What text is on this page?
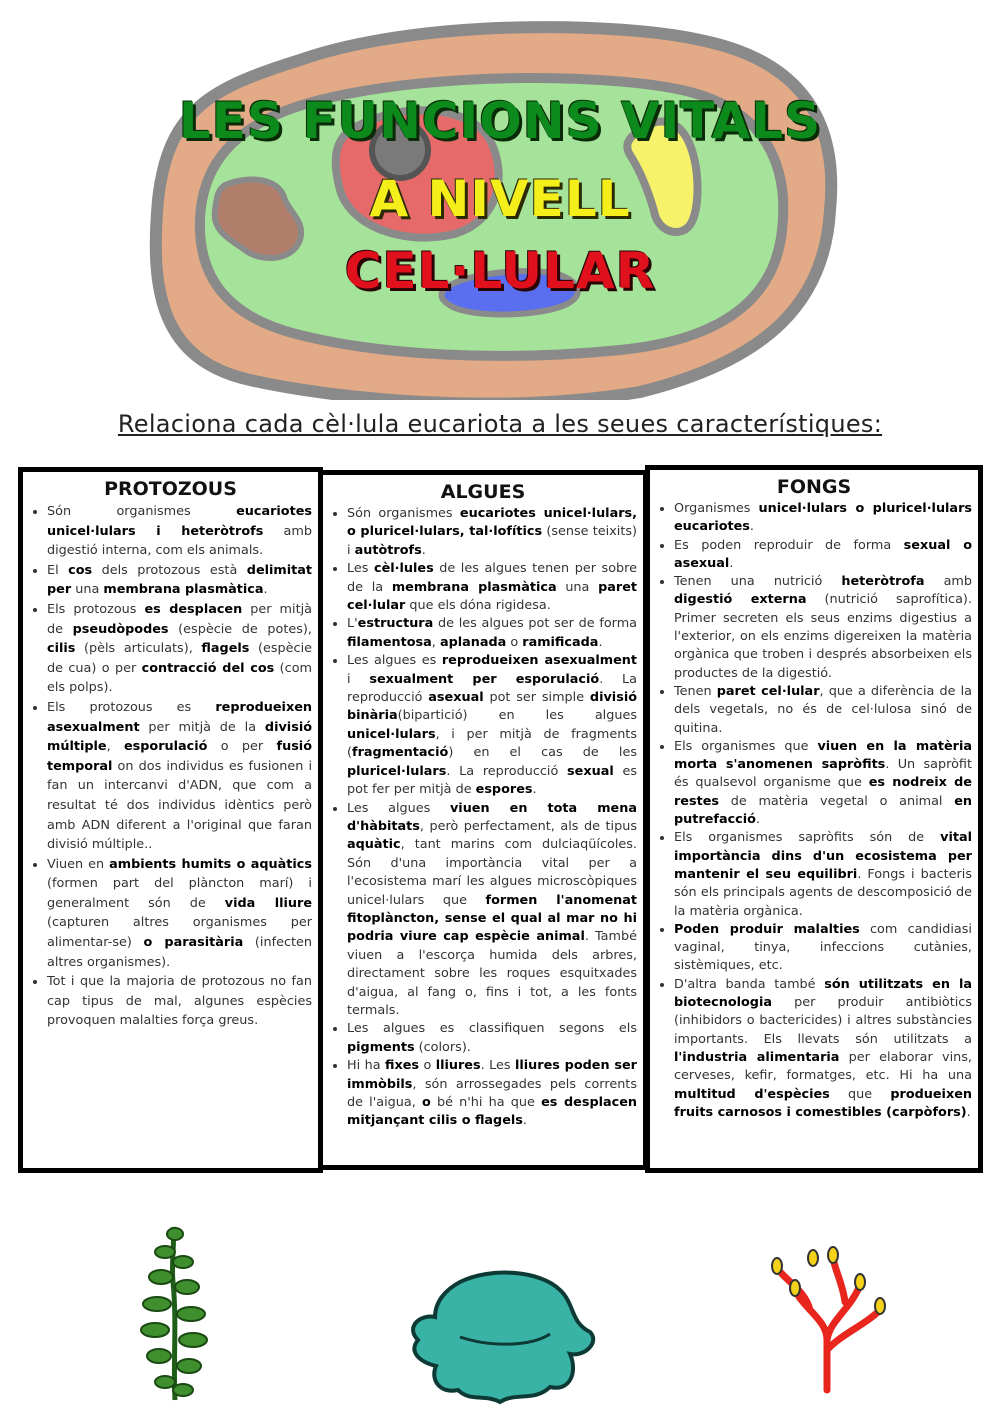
LES FUNCIONS VITALS
A NIVELL
CEL·LULAR
Relaciona cada cèl·lula eucariota a les seues característiques:
PROTOZOUS
• Són organismes eucariotes unicel·lulars i heteròtrofs amb digestió interna, com els animals.
• El cos dels protozous està delimitat per una membrana plasmàtica.
• Els protozous es desplacen per mitjà de pseudòpodes (espècie de potes), cilis (pèls articulats), flagels (espècie de cua) o per contracció del cos (com els polps).
• Els protozous es reprodueixen asexualment per mitjà de la divisió múltiple, esporulació o per fusió temporal on dos individus es fusionen i fan un intercanvi d'ADN, que com a resultat té dos individus idèntics però amb ADN diferent a l'original que faran divisió múltiple..
• Viuen en ambients humits o aquàtics (formen part del plàncton marí) i generalment són de vida lliure (capturen altres organismes per alimentar-se) o parasitària (infecten altres organismes).
• Tot i que la majoria de protozous no fan cap tipus de mal, algunes espècies provoquen malalties força greus.
ALGUES
• Són organismes eucariotes unicel·lulars, o pluricel·lulars, tal·lofítics (sense teixits) i autòtrofs.
• Les cèl·lules de les algues tenen per sobre de la membrana plasmàtica una paret cel·lular que els dóna rigidesa.
• L'estructura de les algues pot ser de forma filamentosa, aplanada o ramificada.
• Les algues es reprodueixen asexualment i sexualment per esporulació. La reproducció asexual pot ser simple divisió binària(bipartició) en les algues unicel·lulars, i per mitjà de fragments (fragmentació) en el cas de les pluricel·lulars. La reproducció sexual es pot fer per mitjà de espores.
• Les algues viuen en tota mena d'hàbitats, però perfectament, als de tipus aquàtic, tant marins com dulciaqüícoles. Són d'una importància vital per a l'ecosistema marí les algues microscòpiques unicel·lulars que formen l'anomenat fitoplàncton, sense el qual al mar no hi podria viure cap espècie animal. També viuen a l'escorça humida dels arbres, directament sobre les roques esquitxades d'aigua, al fang o, fins i tot, a les fonts termals.
• Les algues es classifiquen segons els pigments (colors).
• Hi ha fixes o lliures. Les lliures poden ser immòbils, són arrossegades pels corrents de l'aigua, o bé n'hi ha que es desplacen mitjançant cilis o flagels.
FONGS
• Organismes unicel·lulars o pluricel·lulars eucariotes.
• Es poden reproduir de forma sexual o asexual.
• Tenen una nutrició heteròtrofa amb digestió externa (nutrició saprofítica). Primer secreten els seus enzims digestius a l'exterior, on els enzims digereixen la matèria orgànica que troben i després absorbeixen els productes de la digestió.
• Tenen paret cel·lular, que a diferència de la dels vegetals, no és de cel·lulosa sinó de quitina.
• Els organismes que viuen en la matèria morta s'anomenen sapròfits. Un sapròfit és qualsevol organisme que es nodreix de restes de matèria vegetal o animal en putrefacció.
• Els organismes sapròfits són de vital importància dins d'un ecosistema per mantenir el seu equilibri. Fongs i bacteris són els principals agents de descomposició de la matèria orgànica.
• Poden produir malalties com candidiasi vaginal, tinya, infeccions cutànies, sistèmiques, etc.
• D'altra banda també són utilitzats en la biotecnologia per produir antibiòtics (inhibidors o bactericides) i altres substàncies importants. Els llevats són utilitzats a l'industria alimentaria per elaborar vins, cerveses, kefir, formatges, etc. Hi ha una multitud d'espècies que produeixen fruits carnosos i comestibles (carpòfors).
